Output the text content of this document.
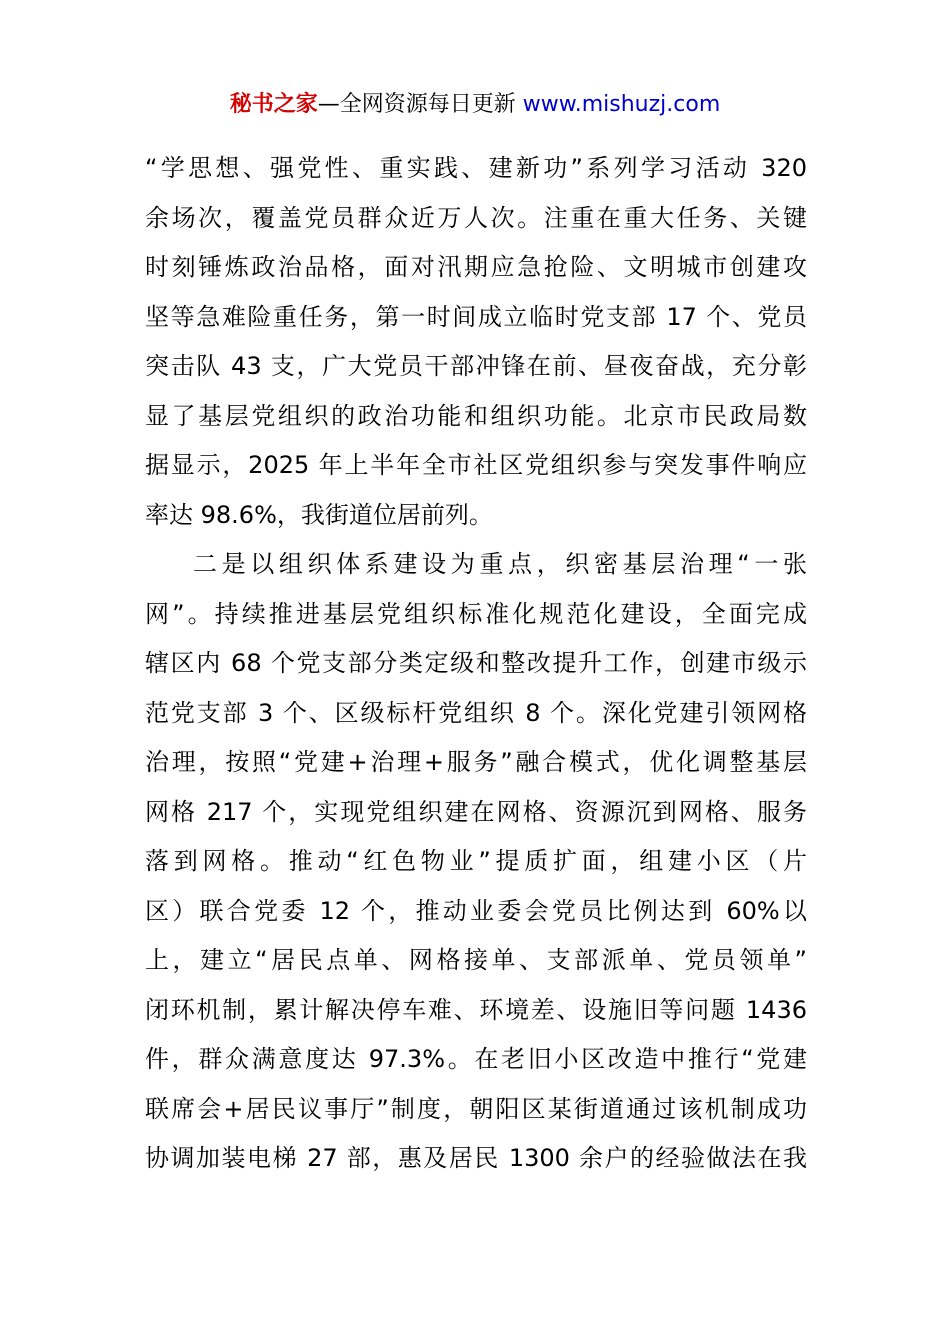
秘书之家—全网资源每日更新 www.mishuzj.com
“学思想、强党性、重实践、建新功”系列学习活动 320
余场次，覆盖党员群众近万人次。注重在重大任务、关键
时刻锤炼政治品格，面对汛期应急抢险、文明城市创建攻
坚等急难险重任务，第一时间成立临时党支部 17 个、党员
突击队 43 支，广大党员干部冲锋在前、昼夜奋战，充分彰
显了基层党组织的政治功能和组织功能。北京市民政局数
据显示，2025 年上半年全市社区党组织参与突发事件响应
率达 98.6%，我街道位居前列。
二是以组织体系建设为重点，织密基层治理“一张
网”。持续推进基层党组织标准化规范化建设，全面完成
辖区内 68 个党支部分类定级和整改提升工作，创建市级示
范党支部 3 个、区级标杆党组织 8 个。深化党建引领网格
治理，按照“党建+治理+服务”融合模式，优化调整基层
网格 217 个，实现党组织建在网格、资源沉到网格、服务
落到网格。推动“红色物业”提质扩面，组建小区（片
区）联合党委 12 个，推动业委会党员比例达到 60%以
上，建立“居民点单、网格接单、支部派单、党员领单”
闭环机制，累计解决停车难、环境差、设施旧等问题 1436
件，群众满意度达 97.3%。在老旧小区改造中推行“党建
联席会+居民议事厅”制度，朝阳区某街道通过该机制成功
协调加装电梯 27 部，惠及居民 1300 余户的经验做法在我
